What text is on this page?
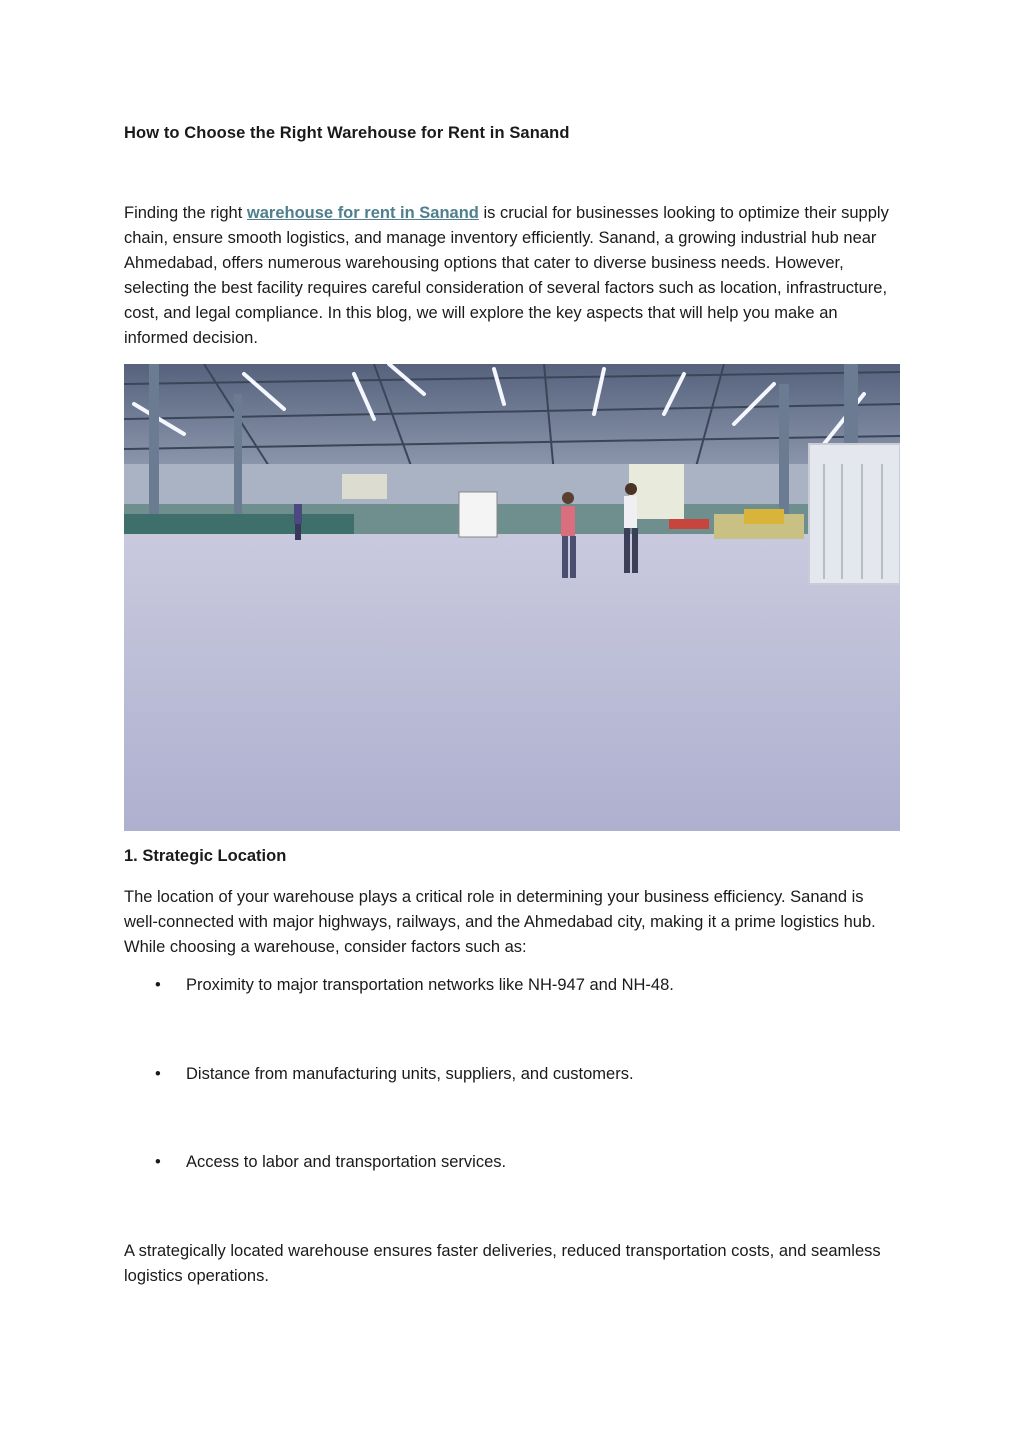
How to Choose the Right Warehouse for Rent in Sanand

Finding the right warehouse for rent in Sanand is crucial for businesses looking to optimize their supply chain, ensure smooth logistics, and manage inventory efficiently. Sanand, a growing industrial hub near Ahmedabad, offers numerous warehousing options that cater to diverse business needs. However, selecting the best facility requires careful consideration of several factors such as location, infrastructure, cost, and legal compliance. In this blog, we will explore the key aspects that will help you make an informed decision.

1. Strategic Location

The location of your warehouse plays a critical role in determining your business efficiency. Sanand is well-connected with major highways, railways, and the Ahmedabad city, making it a prime logistics hub. While choosing a warehouse, consider factors such as:

• Proximity to major transportation networks like NH-947 and NH-48.
• Distance from manufacturing units, suppliers, and customers.
• Access to labor and transportation services.

A strategically located warehouse ensures faster deliveries, reduced transportation costs, and seamless logistics operations.
